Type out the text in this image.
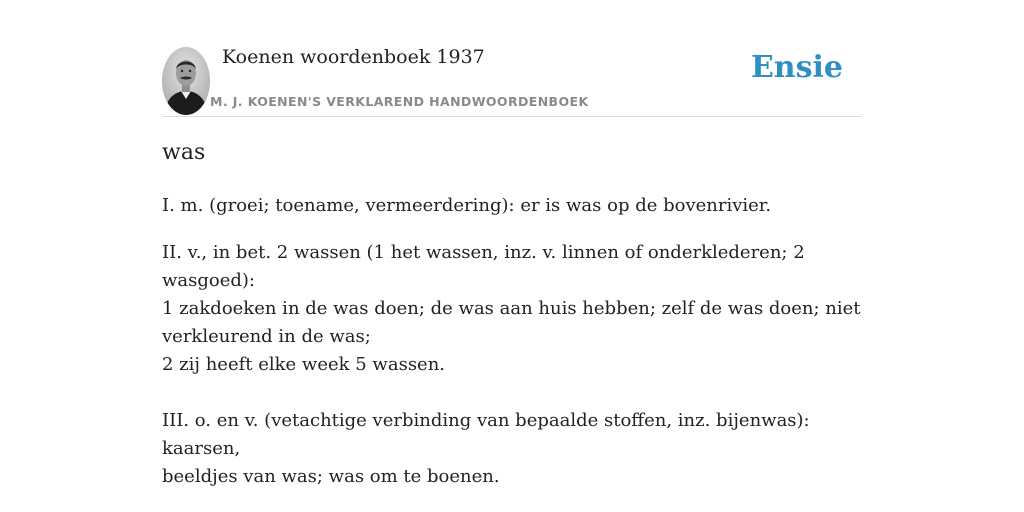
Koenen woordenboek 1937
M. J. KOENEN'S VERKLAREND HANDWOORDENBOEK
Ensie
was
I. m. (groei; toename, vermeerdering): er is was op de bovenrivier.
II. v., in bet. 2 wassen (1 het wassen, inz. v. linnen of onderklederen; 2 wasgoed):
1 zakdoeken in de was doen; de was aan huis hebben; zelf de was doen; niet
verkleurend in de was;
2 zij heeft elke week 5 wassen.
III. o. en v. (vetachtige verbinding van bepaalde stoffen, inz. bijenwas): kaarsen,
beeldjes van was; was om te boenen.
